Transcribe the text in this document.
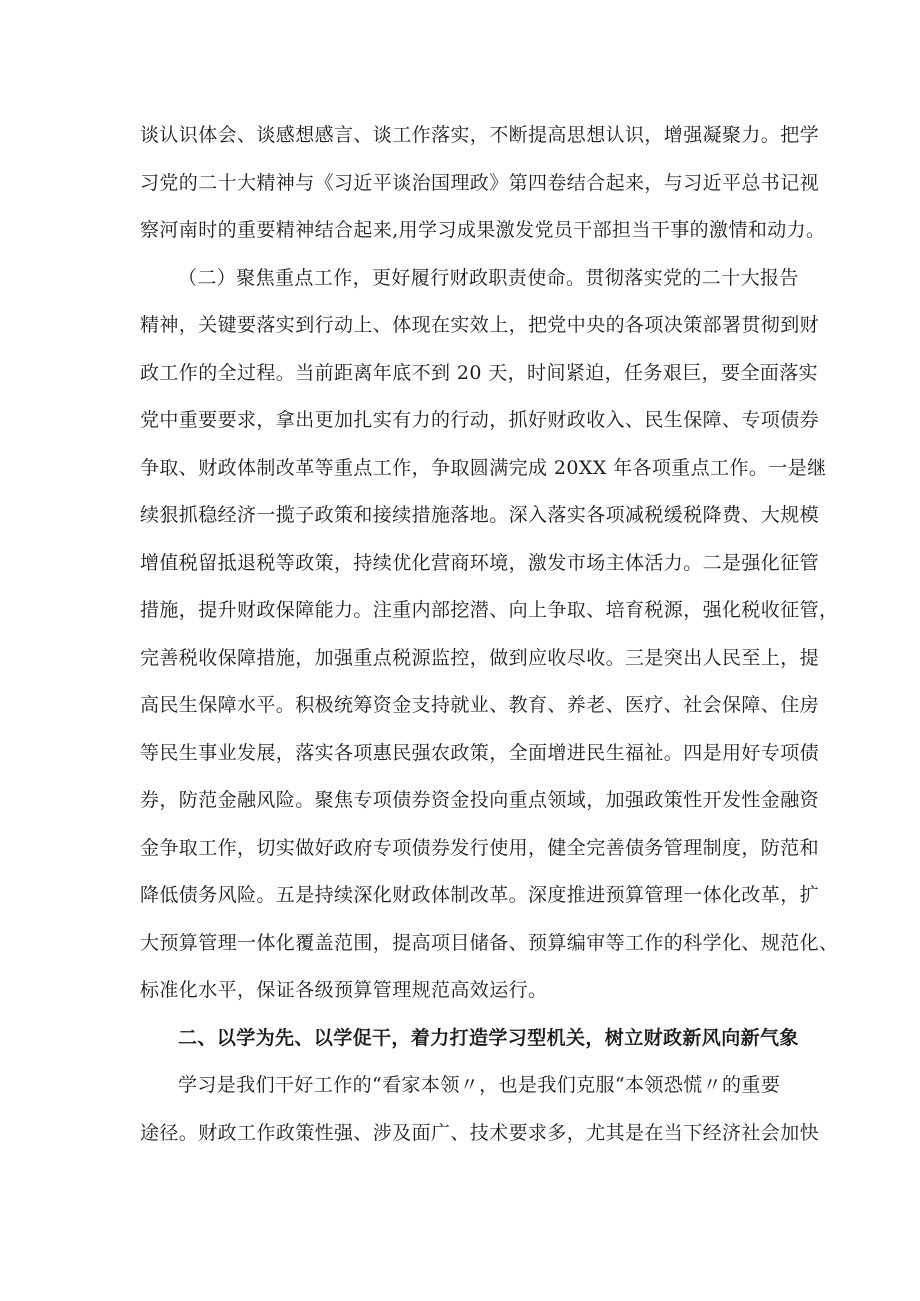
谈认识体会、谈感想感言、谈工作落实，不断提高思想认识，增强凝聚力。把学
习党的二十大精神与《习近平谈治国理政》第四卷结合起来，与习近平总书记视
察河南时的重要精神结合起来,用学习成果激发党员干部担当干事的激情和动力。
（二）聚焦重点工作，更好履行财政职责使命。贯彻落实党的二十大报告
精神，关键要落实到行动上、体现在实效上，把党中央的各项决策部署贯彻到财
政工作的全过程。当前距离年底不到 20 天，时间紧迫，任务艰巨，要全面落实
党中重要要求，拿出更加扎实有力的行动，抓好财政收入、民生保障、专项债券
争取、财政体制改革等重点工作，争取圆满完成 20XX 年各项重点工作。一是继
续狠抓稳经济一揽子政策和接续措施落地。深入落实各项减税缓税降费、大规模
增值税留抵退税等政策，持续优化营商环境，激发市场主体活力。二是强化征管
措施，提升财政保障能力。注重内部挖潜、向上争取、培育税源，强化税收征管，
完善税收保障措施，加强重点税源监控，做到应收尽收。三是突出人民至上，提
高民生保障水平。积极统筹资金支持就业、教育、养老、医疗、社会保障、住房
等民生事业发展，落实各项惠民强农政策，全面增进民生福祉。四是用好专项债
券，防范金融风险。聚焦专项债券资金投向重点领域，加强政策性开发性金融资
金争取工作，切实做好政府专项债券发行使用，健全完善债务管理制度，防范和
降低债务风险。五是持续深化财政体制改革。深度推进预算管理一体化改革，扩
大预算管理一体化覆盖范围，提高项目储备、预算编审等工作的科学化、规范化、
标准化水平，保证各级预算管理规范高效运行。
二、以学为先、以学促干，着力打造学习型机关，树立财政新风向新气象
学习是我们干好工作的“看家本领〃，也是我们克服“本领恐慌〃的重要
途径。财政工作政策性强、涉及面广、技术要求多，尤其是在当下经济社会加快
